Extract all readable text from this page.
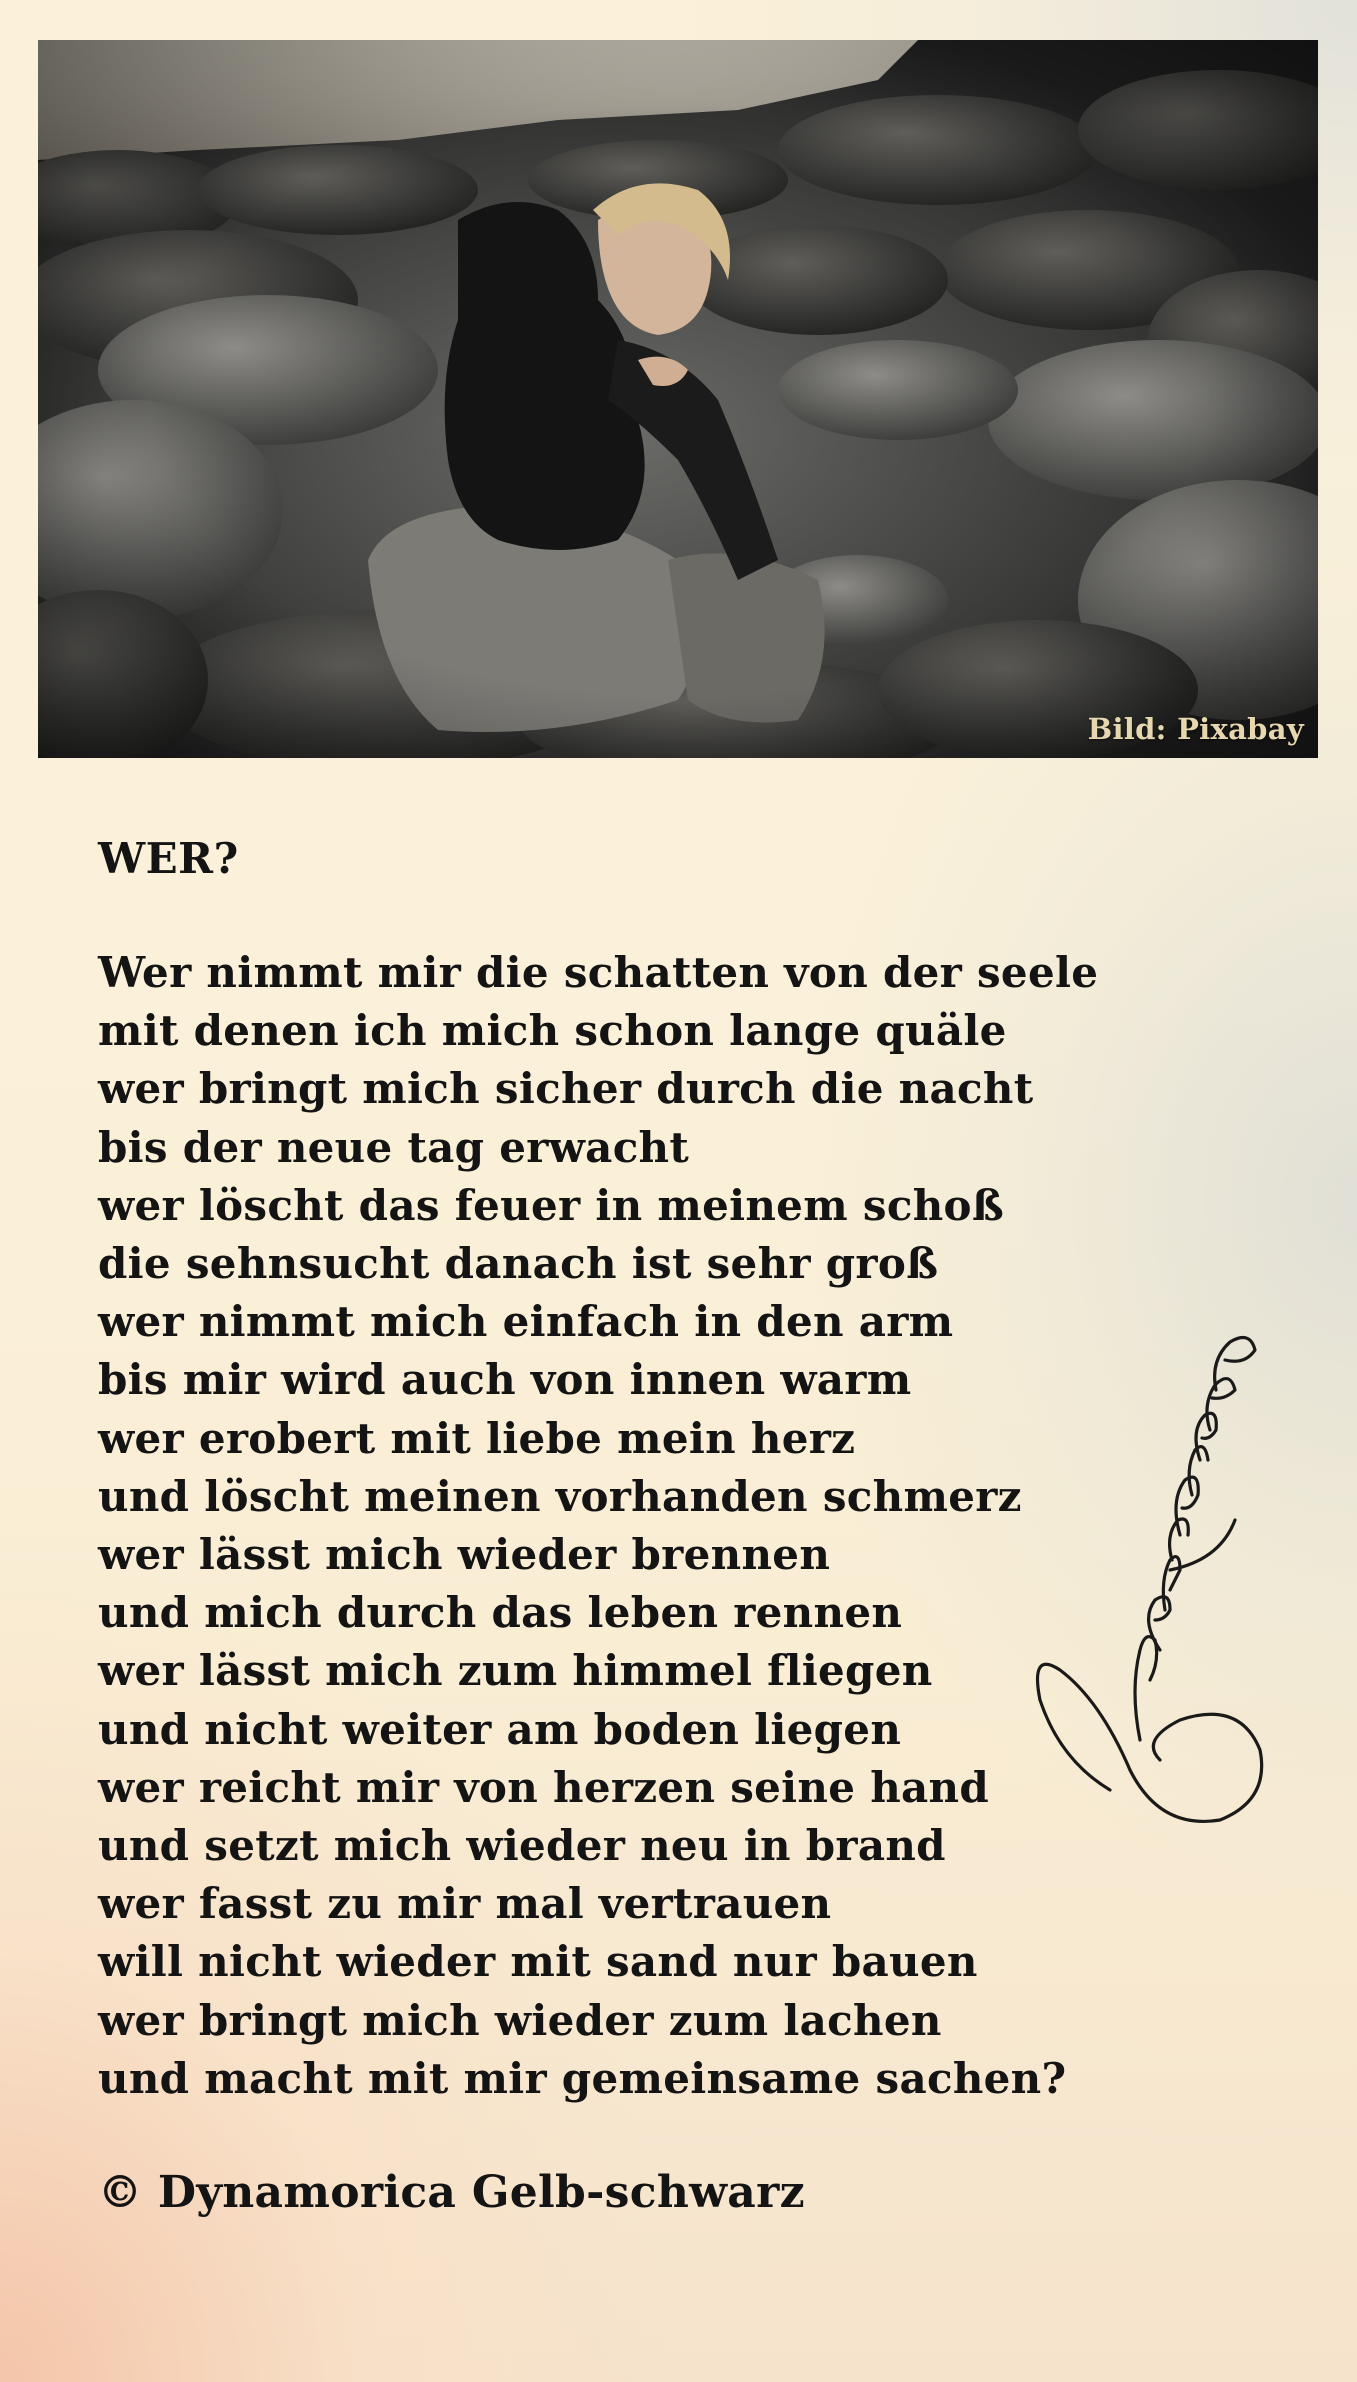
Bild: Pixabay
WER?
Wer nimmt mir die schatten von der seele
mit denen ich mich schon lange quäle
wer bringt mich sicher durch die nacht
bis der neue tag erwacht
wer löscht das feuer in meinem schoß
die sehnsucht danach ist sehr groß
wer nimmt mich einfach in den arm
bis mir wird auch von innen warm
wer erobert mit liebe mein herz
und löscht meinen vorhanden schmerz
wer lässt mich wieder brennen
und mich durch das leben rennen
wer lässt mich zum himmel fliegen
und nicht weiter am boden liegen
wer reicht mir von herzen seine hand
und setzt mich wieder neu in brand
wer fasst zu mir mal vertrauen
will nicht wieder mit sand nur bauen
wer bringt mich wieder zum lachen
und macht mit mir gemeinsame sachen?
© Dynamorica Gelb-schwarz
